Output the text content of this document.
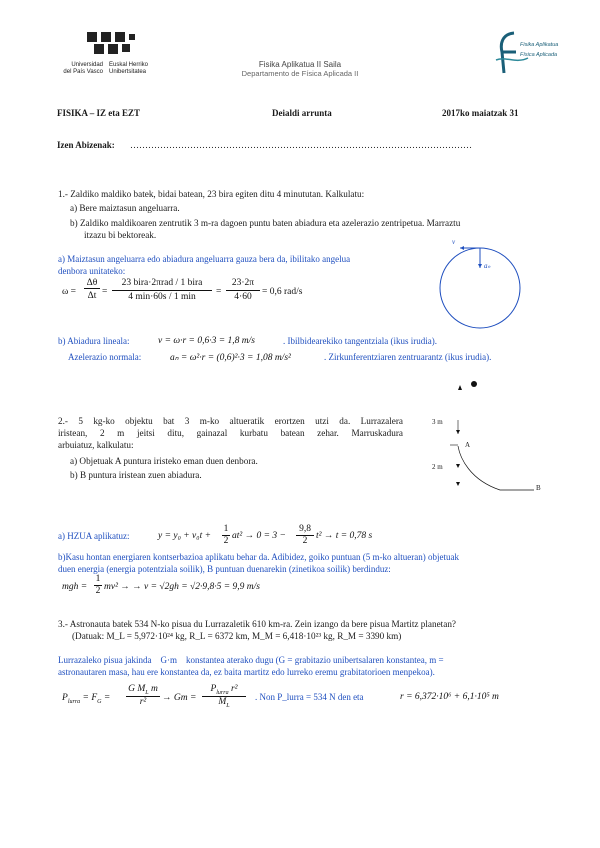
Universidad
del País Vasco
Euskal Herriko
Unibertsitatea
Fisika Aplikatua II Saila
Departamento de Física Aplicada II
Fisika Aplikatua
Física Aplicada
FISIKA – IZ eta EZT	Deialdi arrunta	2017ko maiatzak 31
Izen Abizenak: ……………………………………………………………………………………………………
1.- Zaldiko maldiko batek, bidai batean, 23 bira egiten ditu 4 minututan. Kalkulatu:
a) Bere maiztasun angeluarra.
b) Zaldiko maldikoaren zentrutik 3 m-ra dagoen puntu baten abiadura eta azelerazio zentripetua. Marraztu
itzazu bi bektoreak.
a) Maiztasun angeluarra edo abiadura angeluarra gauza bera da, ibilitako angelua
denbora unitateko:
ω =
Δθ
Δt =
23 bira·2πrad / 1 bira
4 min·60s / 1 min	=
23·2π
4·60	= 0,6 rad/s
v
aₙ
b) Abiadura lineala:	v = ω·r = 0,6·3 = 1,8 m/s	. Ibilbidearekiko tangentziala (ikus irudia).
Azelerazio normala:	aₙ = ω²·r = (0,6)²·3 = 1,08 m/s²	. Zirkunferentziaren zentruarantz (ikus irudia).
2.- 5 kg-ko objektu bat 3 m-ko altueratik erortzen utzi da. Lurrazalera
iristean, 2 m jeitsi ditu, gainazal kurbatu batean zehar. Marruskadura
arbuiatuz, kalkulatu:
a) Objetuak A puntura iristeko eman duen denbora.
b) B puntura iristean zuen abiadura.
3 m
2 m
A
B
a) HZUA aplikatuz:	y = y₀ + v₀t +
1
2 at² → 0 = 3 −
9,8
2 t² → t = 0,78 s
b)Kasu hontan energiaren kontserbazioa aplikatu behar da. Adibidez, goiko puntuan (5 m-ko altueran) objetuak
duen energia (energia potentziala soilik), B puntuan duenarekin (zinetikoa soilik) berdinduz:
mgh =
1
2 mv² → → v = √2gh = √2·9,8·5 = 9,9 m/s
3.- Astronauta batek 534 N-ko pisua du Lurrazaletik 610 km-ra. Zein izango da bere pisua Martitz planetan?
(Datuak: M_L = 5,972·10²⁴ kg, R_L = 6372 km, M_M = 6,418·10²³ kg, R_M = 3390 km)
Lurrazaleko pisua jakinda    G·m    konstantea aterako dugu (G = grabitazio unibertsalaren konstantea, m =
astronautaren masa, hau ere konstantea da, ez baita martitz edo lurreko eremu grabitatorioen menpekoa).
$P_{lurra} = F_G$ =
G $M_L$ m
r²	→ Gm =
$P_{lurra}$ r²
$M_L$
. Non P_lurra = 534 N den eta	r = 6,372·10⁶ + 6,1·10⁵ m
